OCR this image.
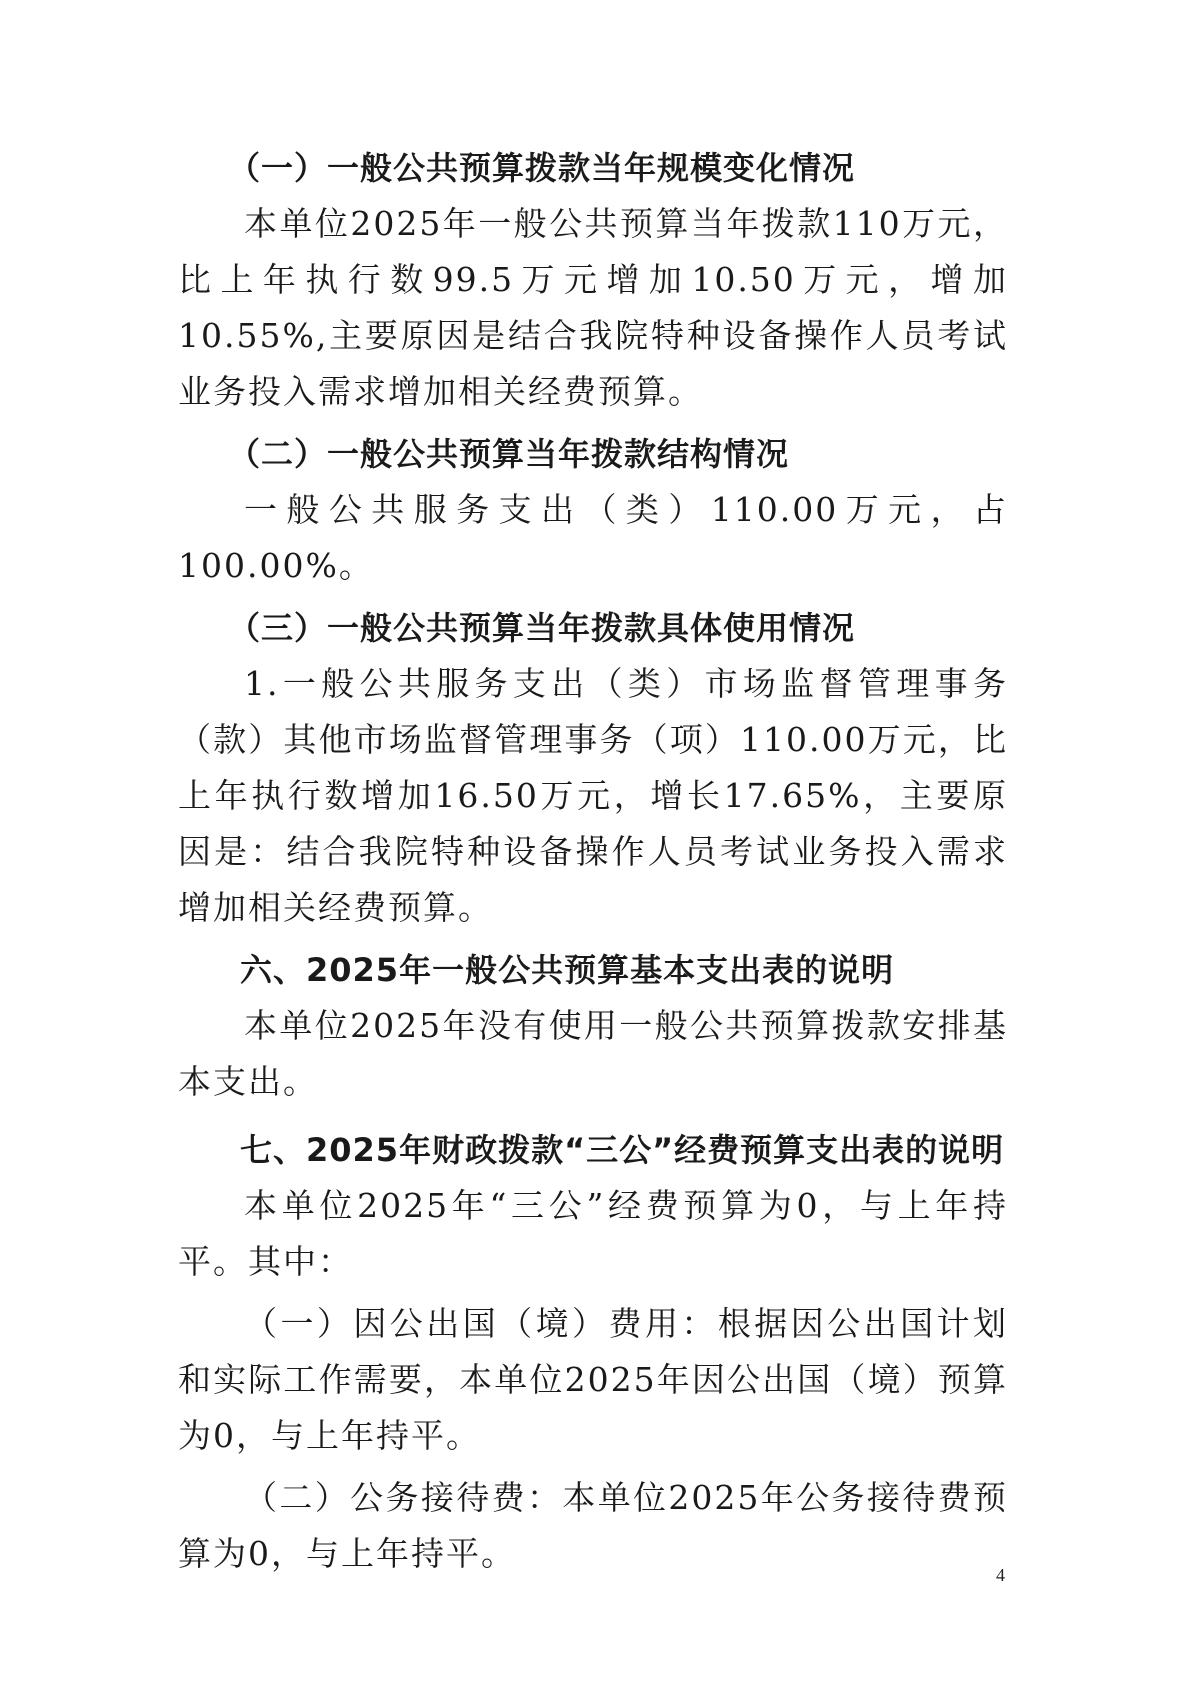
（一）一般公共预算拨款当年规模变化情况

本单位2025年一般公共预算当年拨款110万元，比上年执行数99.5万元增加10.50万元，增加10.55%,主要原因是结合我院特种设备操作人员考试业务投入需求增加相关经费预算。

（二）一般公共预算当年拨款结构情况

一般公共服务支出（类）110.00万元，占100.00%。

（三）一般公共预算当年拨款具体使用情况

1.一般公共服务支出（类）市场监督管理事务（款）其他市场监督管理事务（项）110.00万元，比上年执行数增加16.50万元，增长17.65%，主要原因是：结合我院特种设备操作人员考试业务投入需求增加相关经费预算。

六、2025年一般公共预算基本支出表的说明

本单位2025年没有使用一般公共预算拨款安排基本支出。

七、2025年财政拨款“三公”经费预算支出表的说明

本单位2025年“三公”经费预算为0，与上年持平。其中：

（一）因公出国（境）费用：根据因公出国计划和实际工作需要，本单位2025年因公出国（境）预算为0，与上年持平。

（二）公务接待费：本单位2025年公务接待费预算为0，与上年持平。

4
